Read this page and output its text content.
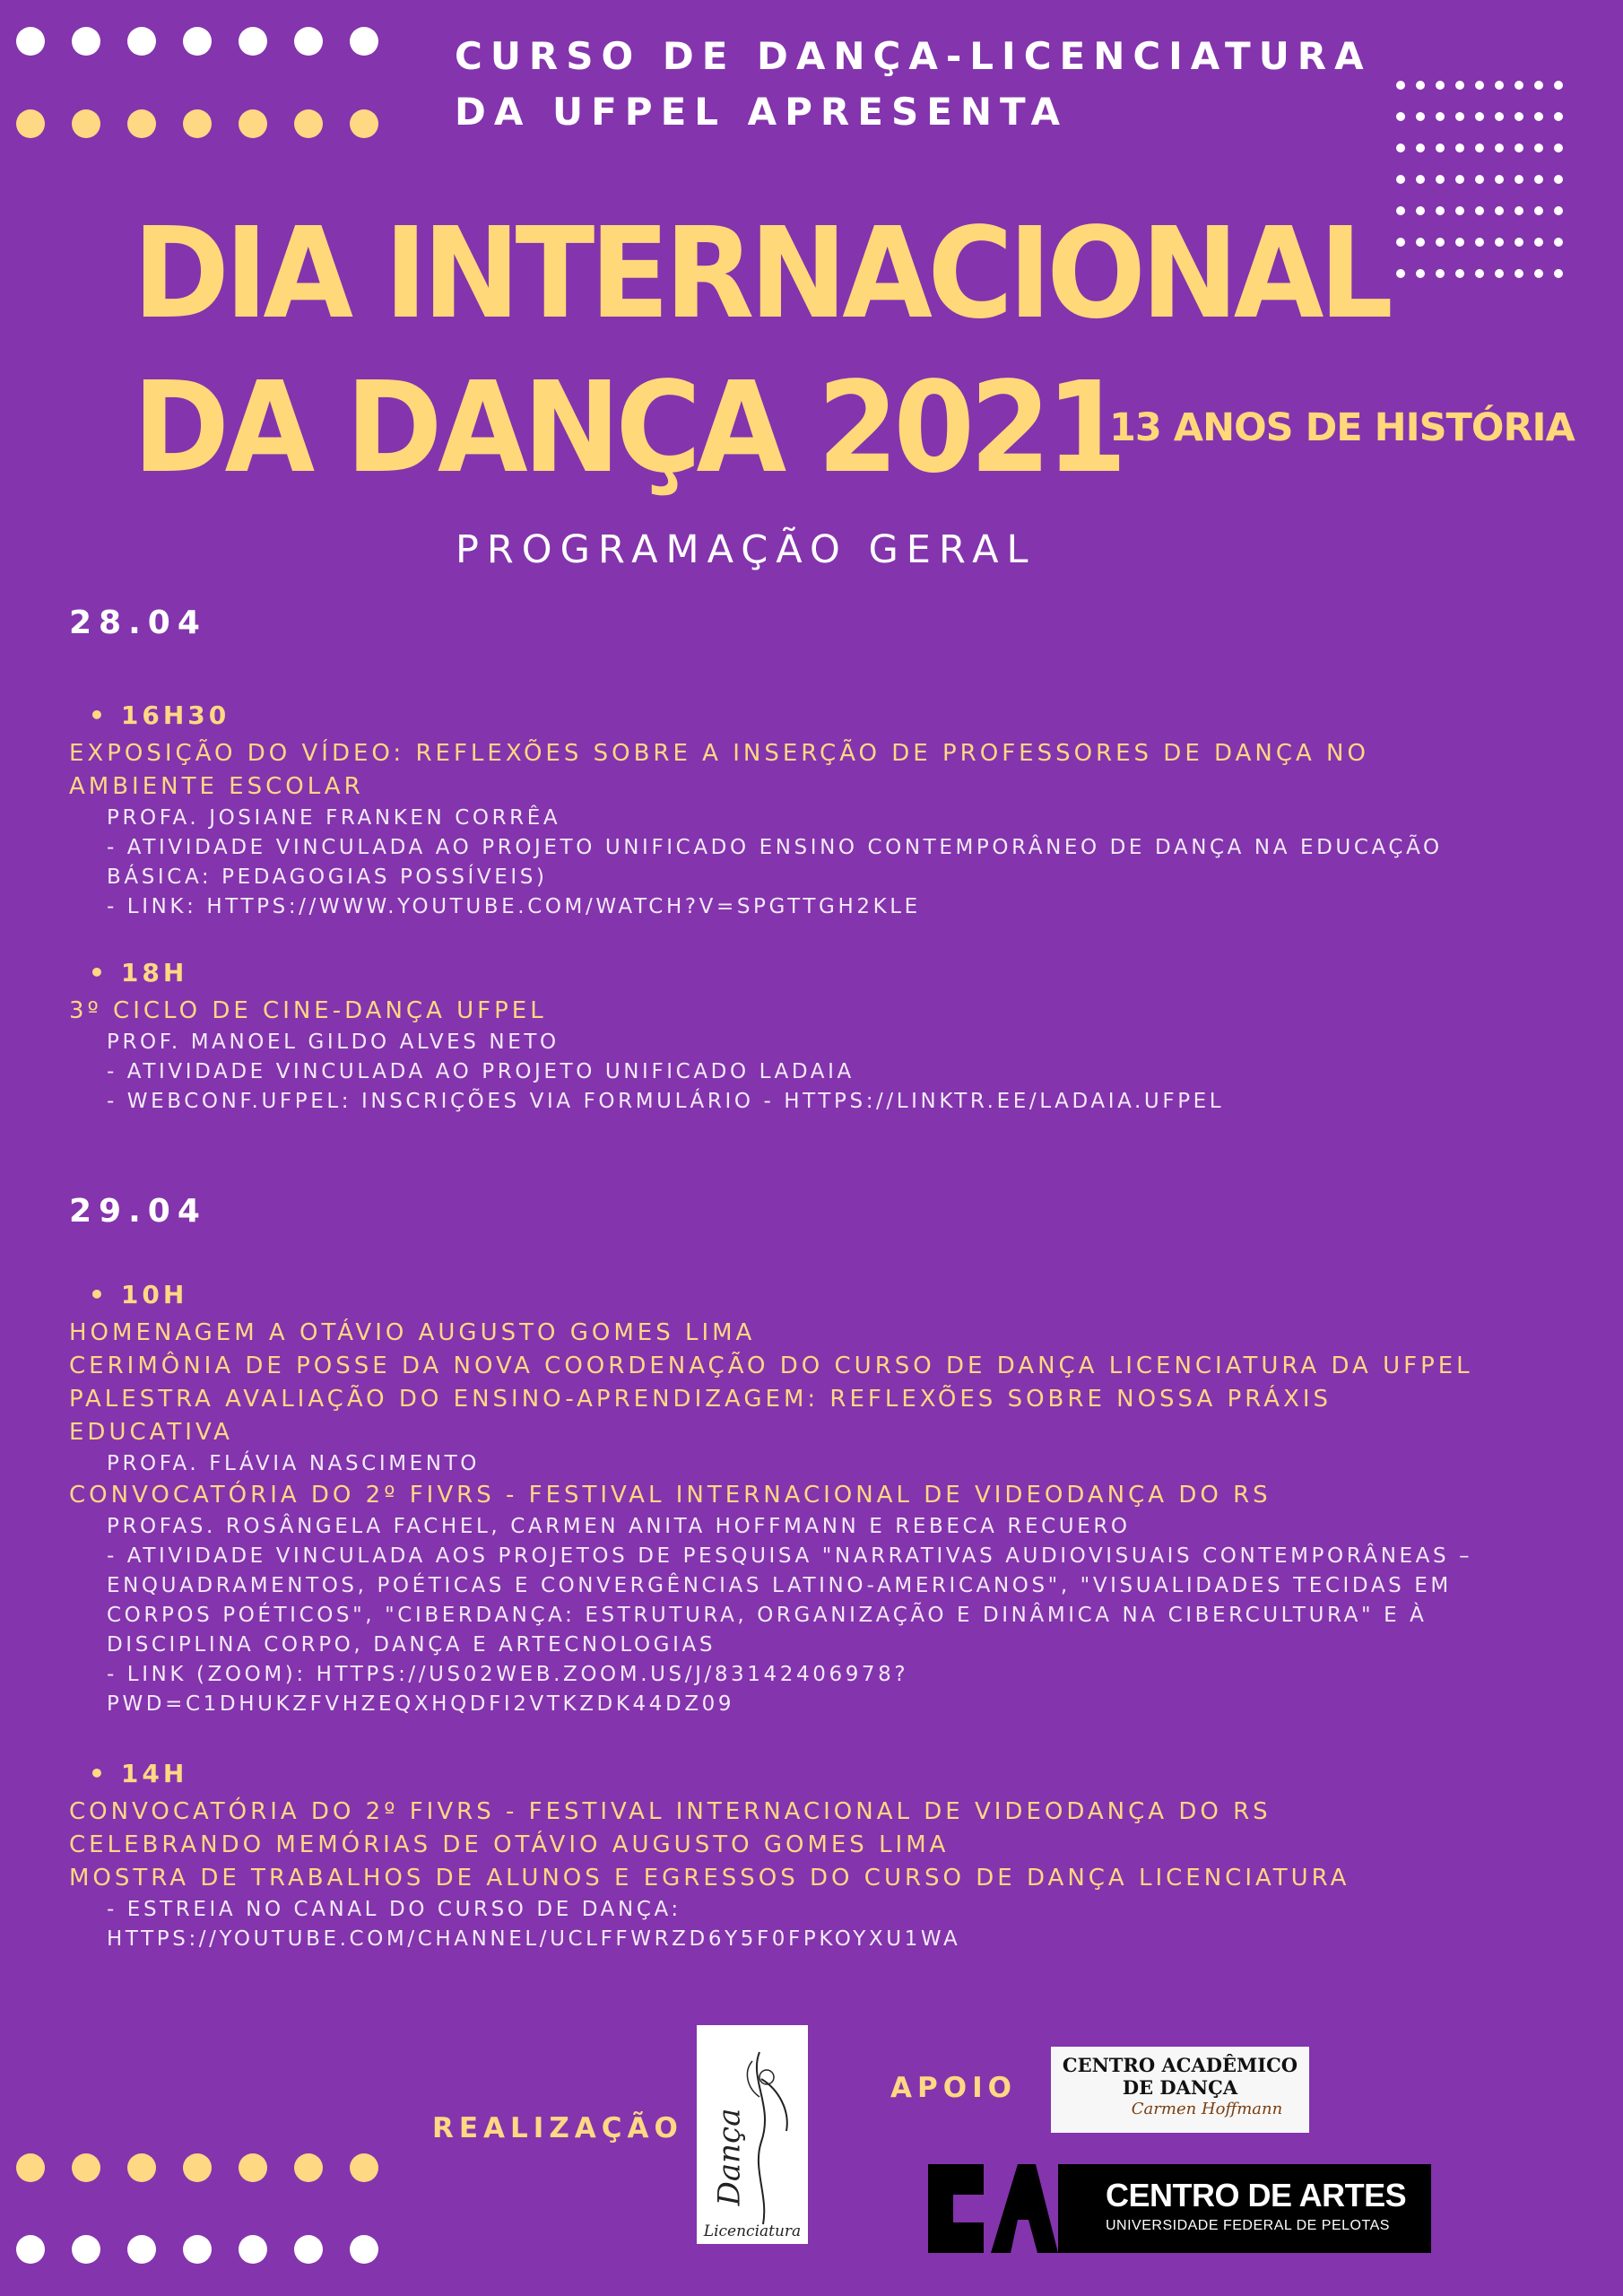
CURSO DE DANÇA-LICENCIATURA
DA UFPEL APRESENTA
DIA INTERNACIONAL
DA DANÇA 2021
13 ANOS DE HISTÓRIA
PROGRAMAÇÃO GERAL
28.04
• 16H30
EXPOSIÇÃO DO VÍDEO: REFLEXÕES SOBRE A INSERÇÃO DE PROFESSORES DE DANÇA NO
AMBIENTE ESCOLAR
PROFA. JOSIANE FRANKEN CORRÊA
- ATIVIDADE VINCULADA AO PROJETO UNIFICADO ENSINO CONTEMPORÂNEO DE DANÇA NA EDUCAÇÃO
BÁSICA: PEDAGOGIAS POSSÍVEIS)
- LINK: HTTPS://WWW.YOUTUBE.COM/WATCH?V=SPGTTGH2KLE
• 18H
3º CICLO DE CINE-DANÇA UFPEL
PROF. MANOEL GILDO ALVES NETO
- ATIVIDADE VINCULADA AO PROJETO UNIFICADO LADAIA
- WEBCONF.UFPEL: INSCRIÇÕES VIA FORMULÁRIO - HTTPS://LINKTR.EE/LADAIA.UFPEL
29.04
• 10H
HOMENAGEM A OTÁVIO AUGUSTO GOMES LIMA
CERIMÔNIA DE POSSE DA NOVA COORDENAÇÃO DO CURSO DE DANÇA LICENCIATURA DA UFPEL
PALESTRA AVALIAÇÃO DO ENSINO-APRENDIZAGEM: REFLEXÕES SOBRE NOSSA PRÁXIS
EDUCATIVA
PROFA. FLÁVIA NASCIMENTO
CONVOCATÓRIA DO 2º FIVRS - FESTIVAL INTERNACIONAL DE VIDEODANÇA DO RS
PROFAS. ROSÂNGELA FACHEL, CARMEN ANITA HOFFMANN E REBECA RECUERO
- ATIVIDADE VINCULADA AOS PROJETOS DE PESQUISA "NARRATIVAS AUDIOVISUAIS CONTEMPORÂNEAS –
ENQUADRAMENTOS, POÉTICAS E CONVERGÊNCIAS LATINO-AMERICANOS", "VISUALIDADES TECIDAS EM
CORPOS POÉTICOS", "CIBERDANÇA: ESTRUTURA, ORGANIZAÇÃO E DINÂMICA NA CIBERCULTURA" E À
DISCIPLINA CORPO, DANÇA E ARTECNOLOGIAS
- LINK (ZOOM): HTTPS://US02WEB.ZOOM.US/J/83142406978?
PWD=C1DHUKZFVHZEQXHQDFI2VTKZDK44DZ09
• 14H
CONVOCATÓRIA DO 2º FIVRS - FESTIVAL INTERNACIONAL DE VIDEODANÇA DO RS
CELEBRANDO MEMÓRIAS DE OTÁVIO AUGUSTO GOMES LIMA
MOSTRA DE TRABALHOS DE ALUNOS E EGRESSOS DO CURSO DE DANÇA LICENCIATURA
- ESTREIA NO CANAL DO CURSO DE DANÇA:
HTTPS://YOUTUBE.COM/CHANNEL/UCLFFWRZD6Y5F0FPKOYXU1WA
REALIZAÇÃO
APOIO
Dança
Licenciatura
CENTRO ACADÊMICO
DE DANÇA
Carmen Hoffmann
CENTRO DE ARTES
UNIVERSIDADE FEDERAL DE PELOTAS
